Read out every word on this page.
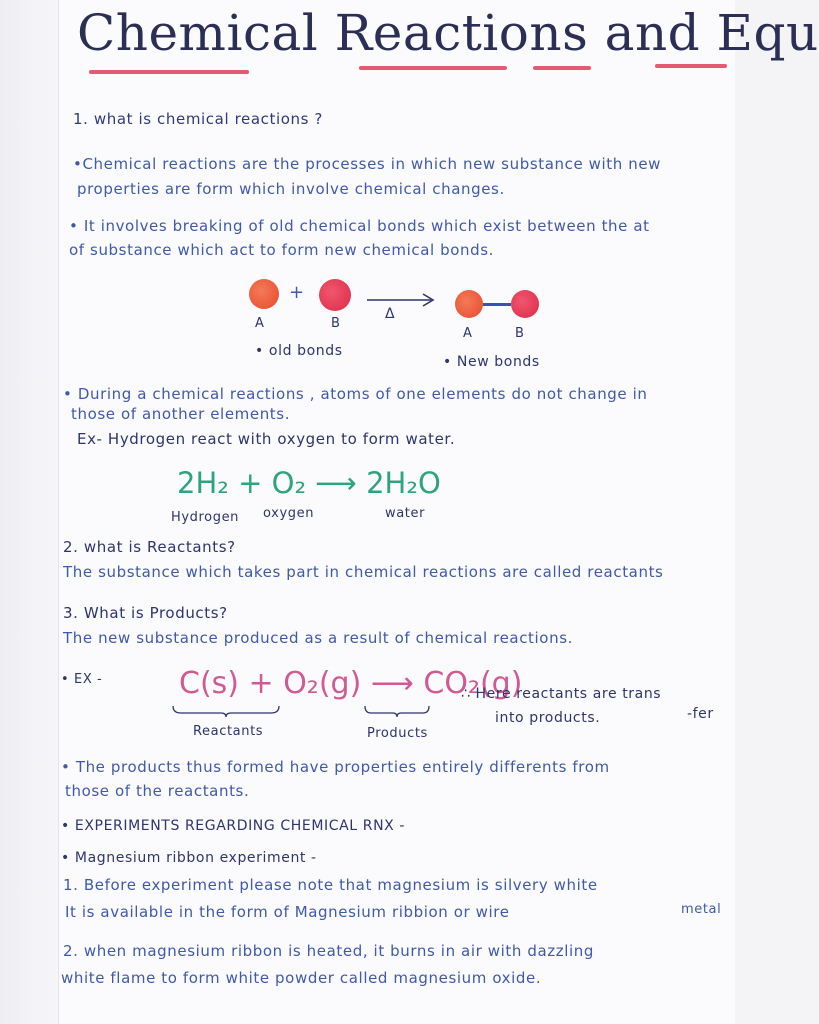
Chemical Reactions and Equ
1. what is chemical reactions ?
•Chemical reactions are the processes in which new substance with new
properties are form which involve chemical changes.
• It involves breaking of old chemical bonds which exist between the at
of substance which act to form new chemical bonds.
+
A	B
Δ
A	B
• old bonds
• New bonds
• During a chemical reactions , atoms of one elements do not change in
those of another elements.
Ex- Hydrogen react with oxygen to form water.
2H₂ + O₂ ⟶ 2H₂O
Hydrogen oxygen	water
2. what is Reactants?
The substance which takes part in chemical reactions are called reactants
3. What is Products?
The new substance produced as a result of chemical reactions.
• EX -	C(s) + O₂(g) ⟶ CO₂(g)
∴ Here reactants are trans
into products.	-fer
Reactants	Products
• The products thus formed have properties entirely differents from
those of the reactants.
• EXPERIMENTS REGARDING CHEMICAL RNX -
• Magnesium ribbon experiment -
1. Before experiment please note that magnesium is silvery white
metal
It is available in the form of Magnesium ribbion or wire
2. when magnesium ribbon is heated, it burns in air with dazzling
white flame to form white powder called magnesium oxide.
